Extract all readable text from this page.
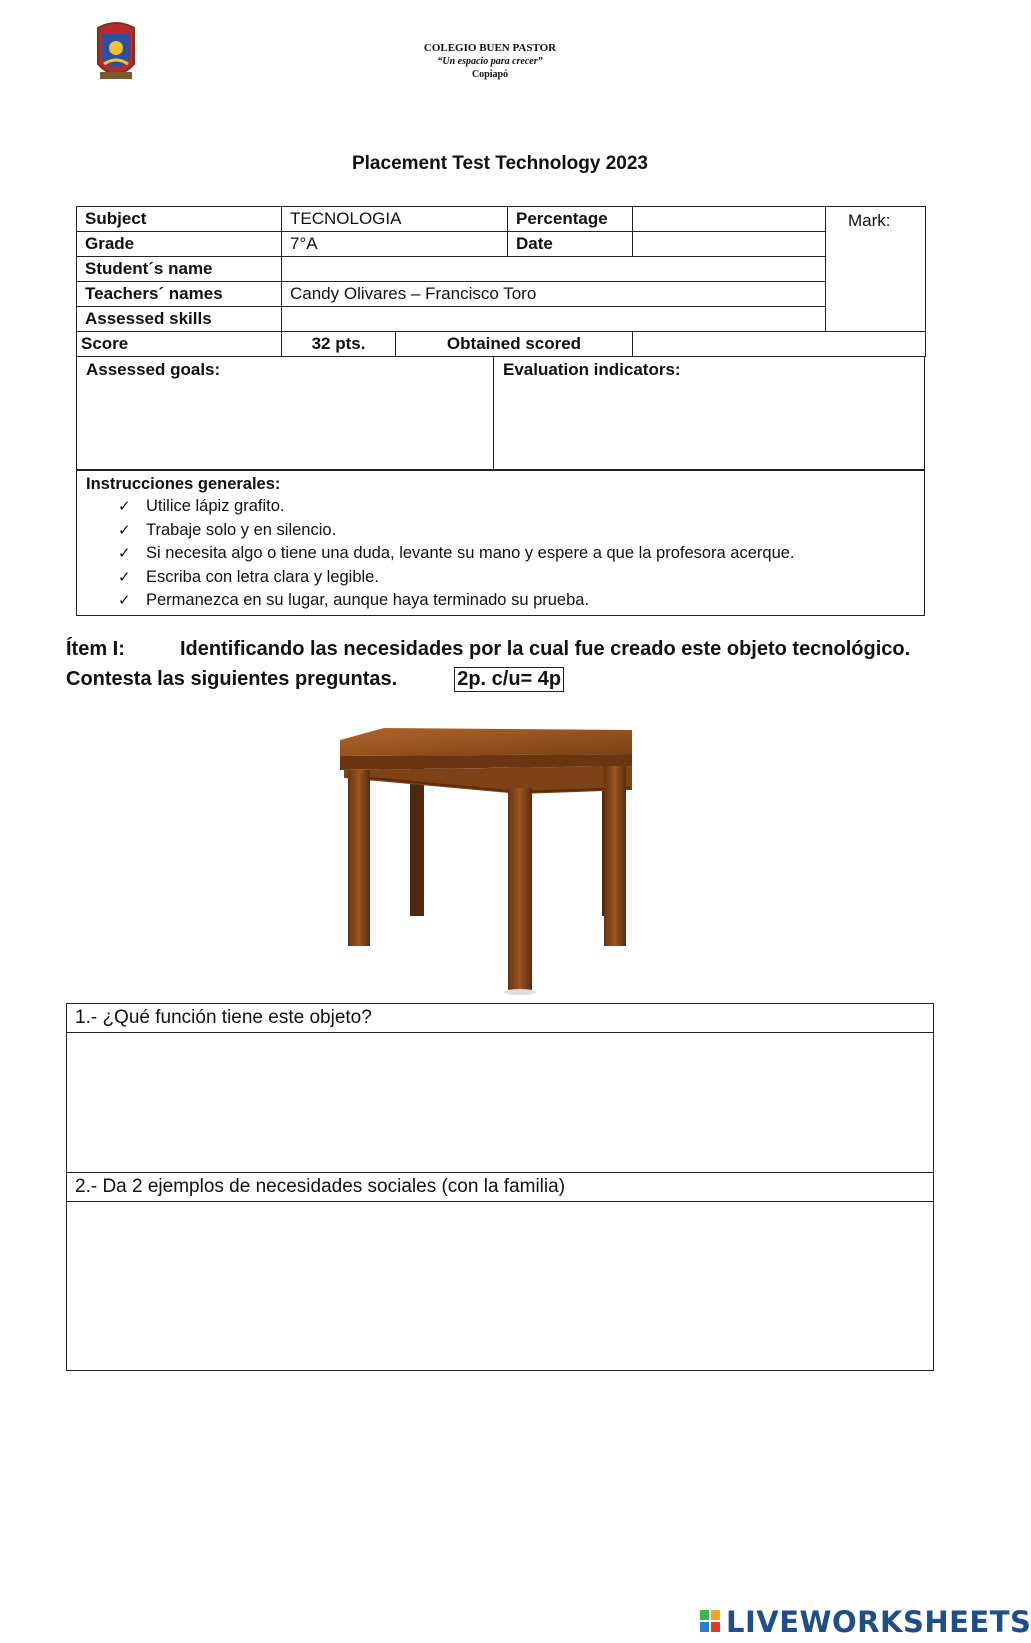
COLEGIO BUEN PASTOR
“Un espacio para crecer”
Copiapó
Placement Test Technology 2023
Subject	TECNOLOGIA		Percentage		Mark:
Grade	7°A		Date		
Student´s name					
Teachers´ names	Candy Olivares – Francisco Toro				
Assessed skills					
Score	32 pts.	Obtained scored			
Assessed goals:	Evaluation indicators:
Instrucciones generales:
✓ Utilice lápiz grafito.
✓ Trabaje solo y en silencio.
✓ Si necesita algo o tiene una duda, levante su mano y espere a que la profesora acerque.
✓ Escriba con letra clara y legible.
✓ Permanezca en su lugar, aunque haya terminado su prueba.
Ítem I:	Identificando las necesidades por la cual fue creado este objeto tecnológico.
Contesta las siguientes preguntas.	2p. c/u= 4p
1.- ¿Qué función tiene este objeto?
2.- Da 2 ejemplos de necesidades sociales (con la familia)
LIVEWORKSHEETS
